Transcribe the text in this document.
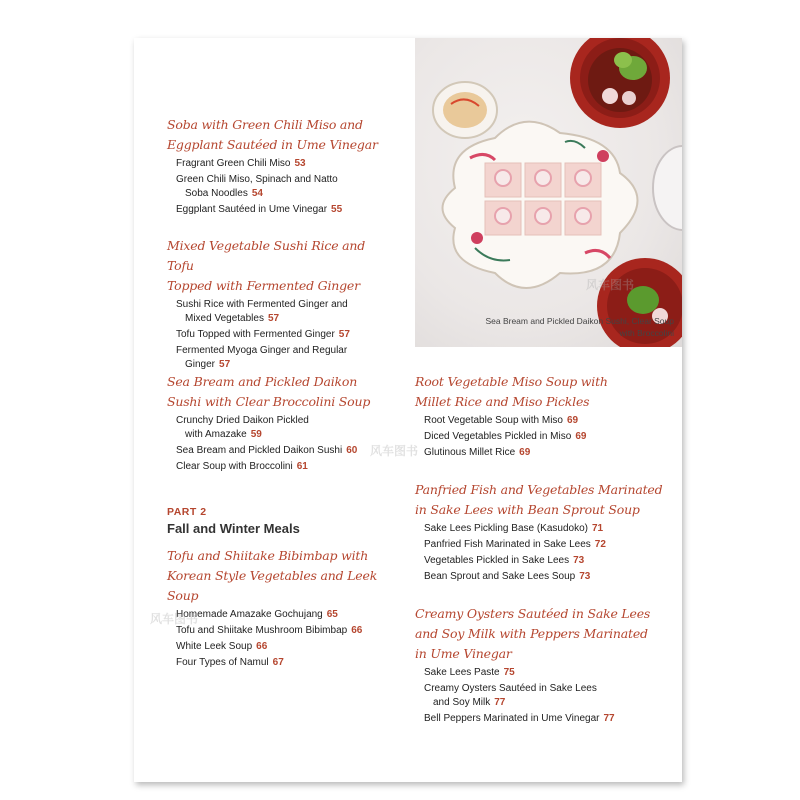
Sea Bream and Pickled Daikon Sushi, Clear Soup with Broccolini
Soba with Green Chili Miso and
Eggplant Sautéed in Ume Vinegar
Fragrant Green Chili Miso 53
Green Chili Miso, Spinach and Natto
Soba Noodles 54
Eggplant Sautéed in Ume Vinegar 55
Mixed Vegetable Sushi Rice and Tofu
Topped with Fermented Ginger
Sushi Rice with Fermented Ginger and
Mixed Vegetables 57
Tofu Topped with Fermented Ginger 57
Fermented Myoga Ginger and Regular
Ginger 57
Sea Bream and Pickled Daikon
Sushi with Clear Broccolini Soup
Crunchy Dried Daikon Pickled
with Amazake 59
Sea Bream and Pickled Daikon Sushi 60
Clear Soup with Broccolini 61
PART 2
Fall and Winter Meals
Tofu and Shiitake Bibimbap with
Korean Style Vegetables and Leek Soup
Homemade Amazake Gochujang 65
Tofu and Shiitake Mushroom Bibimbap 66
White Leek Soup 66
Four Types of Namul 67
Root Vegetable Miso Soup with
Millet Rice and Miso Pickles
Root Vegetable Soup with Miso 69
Diced Vegetables Pickled in Miso 69
Glutinous Millet Rice 69
Panfried Fish and Vegetables Marinated
in Sake Lees with Bean Sprout Soup
Sake Lees Pickling Base (Kasudoko) 71
Panfried Fish Marinated in Sake Lees 72
Vegetables Pickled in Sake Lees 73
Bean Sprout and Sake Lees Soup 73
Creamy Oysters Sautéed in Sake Lees
and Soy Milk with Peppers Marinated
in Ume Vinegar
Sake Lees Paste 75
Creamy Oysters Sautéed in Sake Lees
and Soy Milk 77
Bell Peppers Marinated in Ume Vinegar 77
风车图书
风车图书
风车图书
